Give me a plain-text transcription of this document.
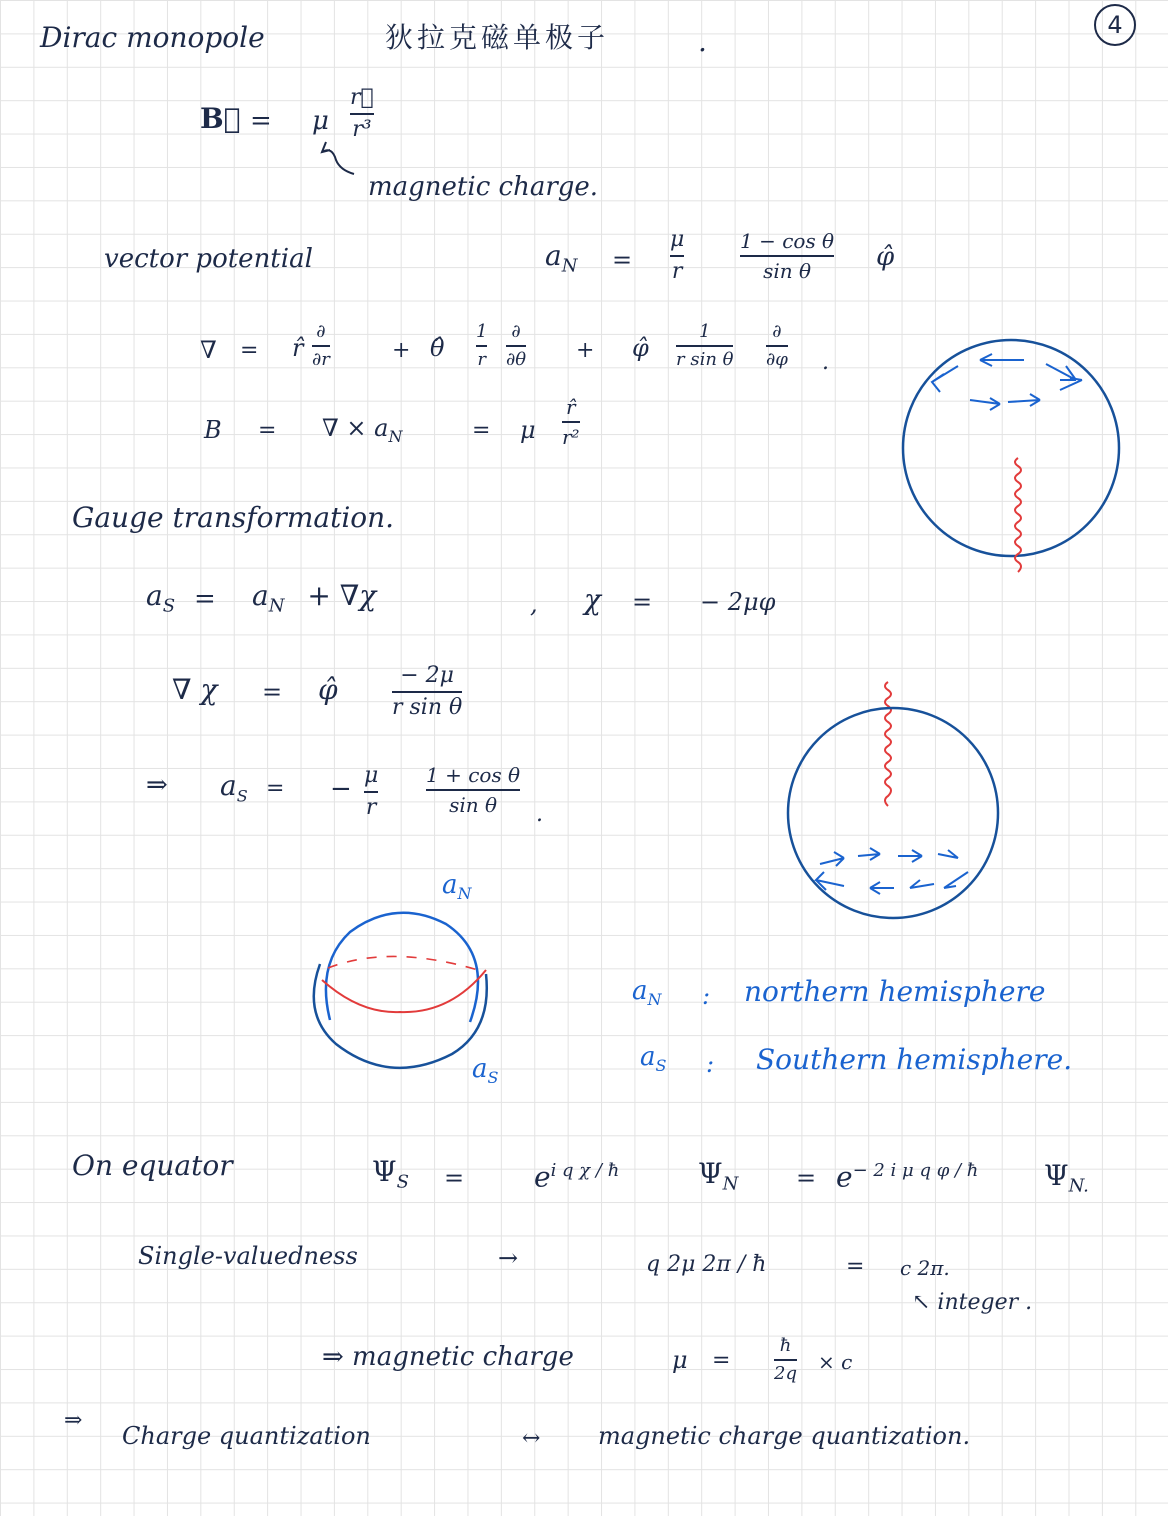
4
Dirac monopole	狄拉克磁单极子	.
B⃗ = μ
r⃗
r³
magnetic charge.
vector potential	$a_N$ =
μ
r
1 − cos θ
sin θ φ̂
∇ = r̂
∂
∂r	+ θ̂
1
r
∂
∂θ + φ̂
1
r sin θ
∂
∂φ .
B = ∇ × $a_N$	= μ
r̂
r²
Gauge transformation.
$a_S = a_N + \nabla\chi$	, χ = − 2μφ
∇ χ = φ̂	− 2μ
r sin θ
⇒ $a_S$ = − μ
r
1 + cos θ
sin θ .
$a_N$
$a_S$
$a_N$ : northern hemisphere
$a_S$ : Southern hemisphere.
On equator	$\Psi_S = e^{i q \chi / ħ}$	$\Psi_N = e^{- 2 i \mu q \varphi / ħ}$ $\Psi_{N.}$
Single-valuedness	→	q 2μ 2π / ħ	= c 2π.
↖ integer .
⇒ magnetic charge	μ =
ħ
2q × c
⇒
Charge quantization	↔ magnetic charge quantization.
